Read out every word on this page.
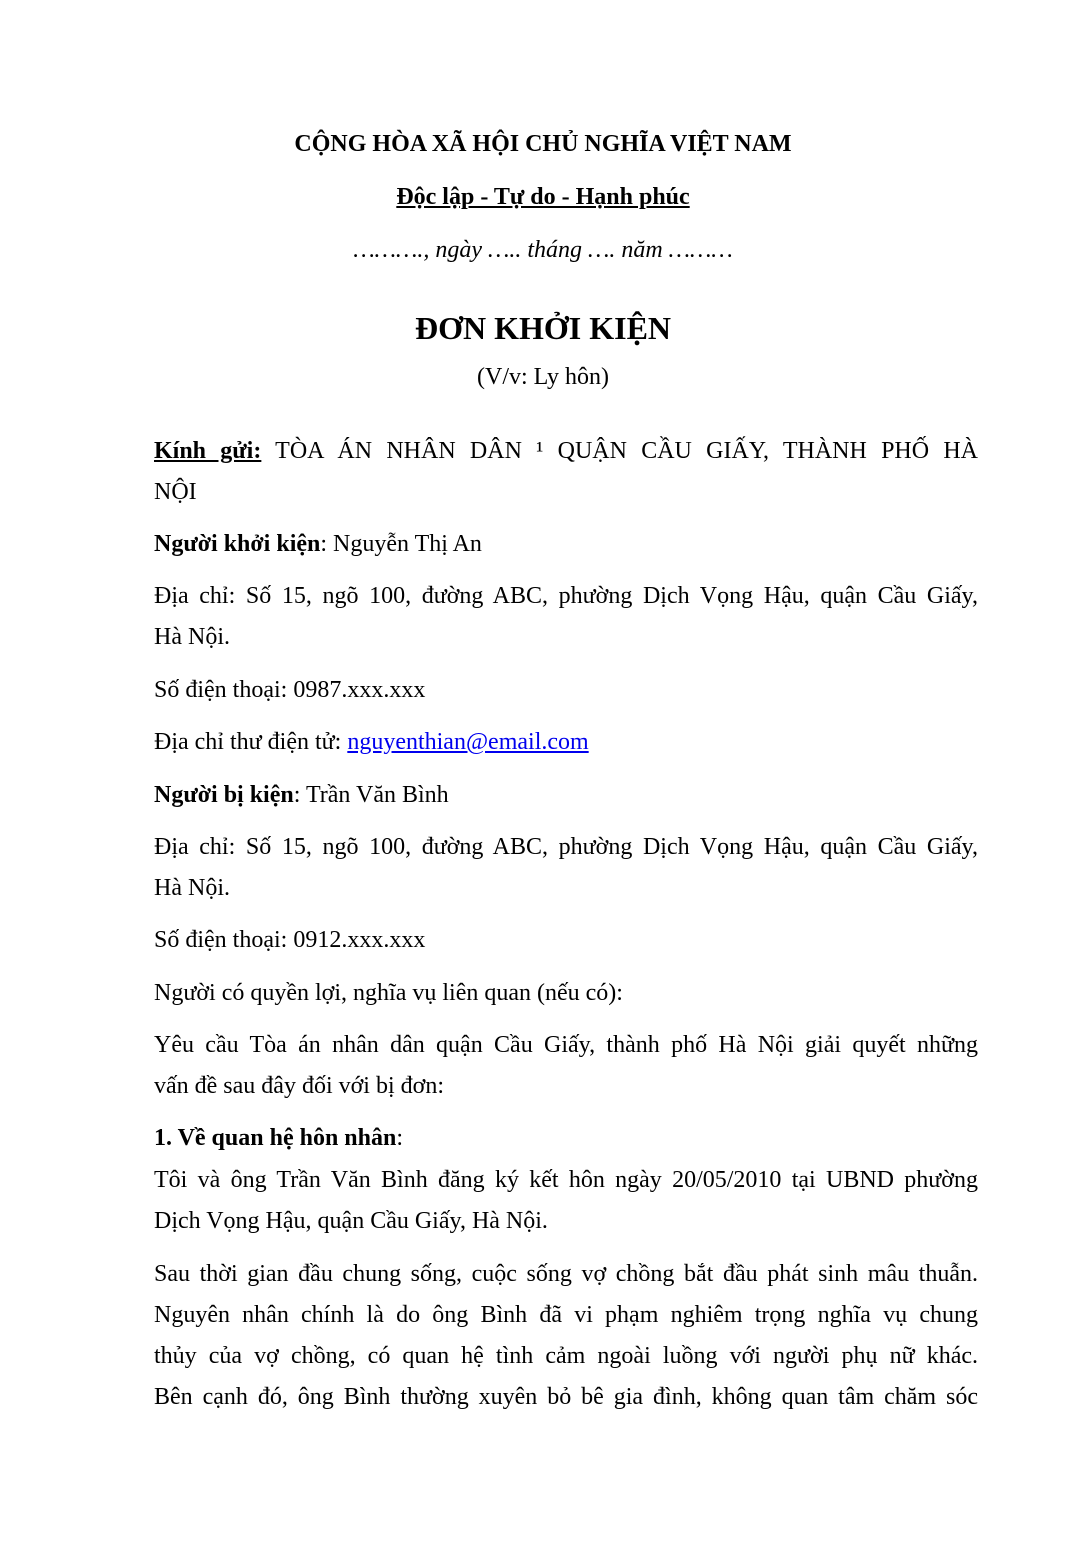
CỘNG HÒA XÃ HỘI CHỦ NGHĨA VIỆT NAM
Độc lập - Tự do - Hạnh phúc
………., ngày ….. tháng …. năm ………
ĐƠN KHỞI KIỆN
(V/v: Ly hôn)
Kính gửi: TÒA ÁN NHÂN DÂN ¹ QUẬN CẦU GIẤY, THÀNH PHỐ HÀ
NỘI
Người khởi kiện: Nguyễn Thị An
Địa chỉ: Số 15, ngõ 100, đường ABC, phường Dịch Vọng Hậu, quận Cầu Giấy,
Hà Nội.
Số điện thoại: 0987.xxx.xxx
Địa chỉ thư điện tử: nguyenthian@email.com
Người bị kiện: Trần Văn Bình
Địa chỉ: Số 15, ngõ 100, đường ABC, phường Dịch Vọng Hậu, quận Cầu Giấy,
Hà Nội.
Số điện thoại: 0912.xxx.xxx
Người có quyền lợi, nghĩa vụ liên quan (nếu có):
Yêu cầu Tòa án nhân dân quận Cầu Giấy, thành phố Hà Nội giải quyết những
vấn đề sau đây đối với bị đơn:
1. Về quan hệ hôn nhân:
Tôi và ông Trần Văn Bình đăng ký kết hôn ngày 20/05/2010 tại UBND phường
Dịch Vọng Hậu, quận Cầu Giấy, Hà Nội.
Sau thời gian đầu chung sống, cuộc sống vợ chồng bắt đầu phát sinh mâu thuẫn.
Nguyên nhân chính là do ông Bình đã vi phạm nghiêm trọng nghĩa vụ chung
thủy của vợ chồng, có quan hệ tình cảm ngoài luồng với người phụ nữ khác.
Bên cạnh đó, ông Bình thường xuyên bỏ bê gia đình, không quan tâm chăm sóc
